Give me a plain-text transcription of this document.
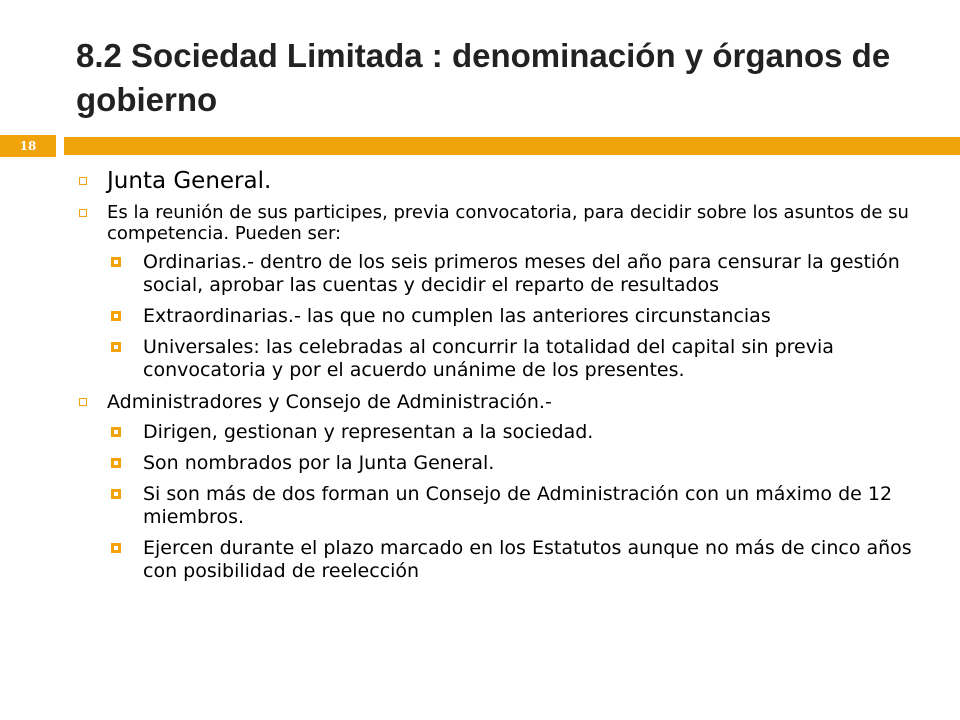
8.2 Sociedad Limitada : denominación y órganos de gobierno
18
Junta General.
Es la reunión de sus participes, previa convocatoria, para decidir sobre los asuntos de su competencia. Pueden ser:
Ordinarias.- dentro de los seis primeros meses del año para censurar la gestión social, aprobar las cuentas y decidir el reparto de resultados
Extraordinarias.- las que no cumplen las anteriores circunstancias
Universales: las celebradas al concurrir la totalidad del capital sin previa convocatoria y por el acuerdo unánime de los presentes.
Administradores y Consejo de Administración.-
Dirigen, gestionan y representan a la sociedad.
Son nombrados por la Junta General.
Si son más de dos forman un Consejo de Administración con un máximo de 12 miembros.
Ejercen durante el plazo marcado en los Estatutos aunque no más de cinco años con posibilidad de reelección
